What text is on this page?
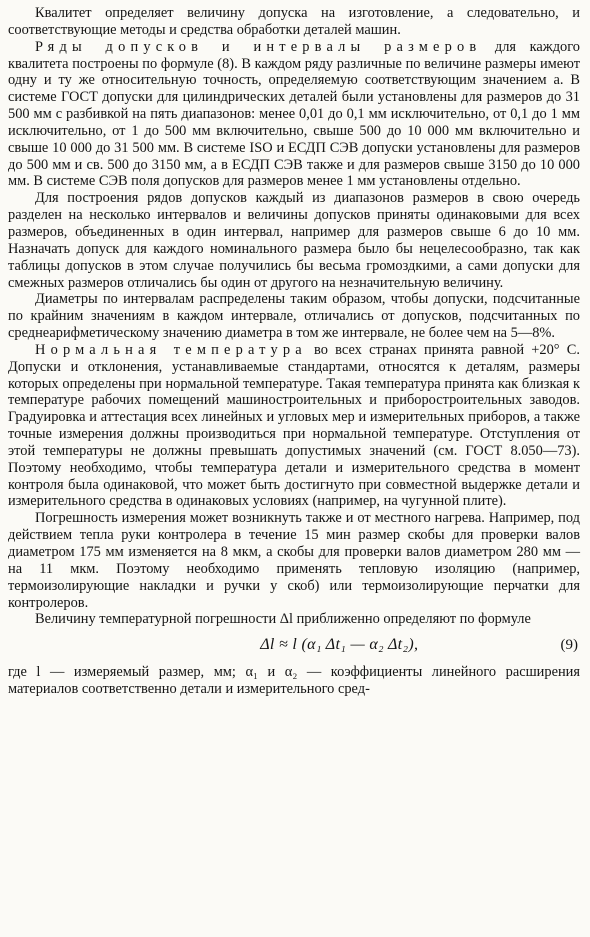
Квалитет определяет величину допуска на изготовление, а следовательно, и соответствующие методы и средства обработки деталей машин.

Ряды допусков и интервалы размеров для каждого квалитета построены по формуле (8). В каждом ряду различные по величине размеры имеют одну и ту же относительную точность, определяемую соответствующим значением a. В системе ГОСТ допуски для цилиндрических деталей были установлены для размеров до 31 500 мм с разбивкой на пять диапазонов: менее 0,01 до 0,1 мм исключительно, от 0,1 до 1 мм исключительно, от 1 до 500 мм включительно, свыше 500 до 10 000 мм включительно и свыше 10 000 до 31 500 мм. В системе ISO и ЕСДП СЭВ допуски установлены для размеров до 500 мм и св. 500 до 3150 мм, а в ЕСДП СЭВ также и для размеров свыше 3150 до 10 000 мм. В системе СЭВ поля допусков для размеров менее 1 мм установлены отдельно.

Для построения рядов допусков каждый из диапазонов размеров в свою очередь разделен на несколько интервалов и величины допусков приняты одинаковыми для всех размеров, объединенных в один интервал, например для размеров свыше 6 до 10 мм. Назначать допуск для каждого номинального размера было бы нецелесообразно, так как таблицы допусков в этом случае получились бы весьма громоздкими, а сами допуски для смежных размеров отличались бы один от другого на незначительную величину.

Диаметры по интервалам распределены таким образом, чтобы допуски, подсчитанные по крайним значениям в каждом интервале, отличались от допусков, подсчитанных по среднеарифметическому значению диаметра в том же интервале, не более чем на 5—8%.

Нормальная температура во всех странах принята равной +20° С. Допуски и отклонения, устанавливаемые стандартами, относятся к деталям, размеры которых определены при нормальной температуре. Такая температура принята как близкая к температуре рабочих помещений машиностроительных и приборостроительных заводов. Градуировка и аттестация всех линейных и угловых мер и измерительных приборов, а также точные измерения должны производиться при нормальной температуре. Отступления от этой температуры не должны превышать допустимых значений (см. ГОСТ 8.050—73). Поэтому необходимо, чтобы температура детали и измерительного средства в момент контроля была одинаковой, что может быть достигнуто при совместной выдержке детали и измерительного средства в одинаковых условиях (например, на чугунной плите).

Погрешность измерения может возникнуть также и от местного нагрева. Например, под действием тепла руки контролера в течение 15 мин размер скобы для проверки валов диаметром 175 мм изменяется на 8 мкм, а скобы для проверки валов диаметром 280 мм — на 11 мкм. Поэтому необходимо применять тепловую изоляцию (например, термоизолирующие накладки и ручки у скоб) или термоизолирующие перчатки для контролеров.

Величину температурной погрешности Δl приближенно определяют по формуле

Δl ≈ l (α₁ Δt₁ — α₂ Δt₂),	(9)

где l — измеряемый размер, мм; α₁ и α₂ — коэффициенты линейного расширения материалов соответственно детали и измерительного сред-
